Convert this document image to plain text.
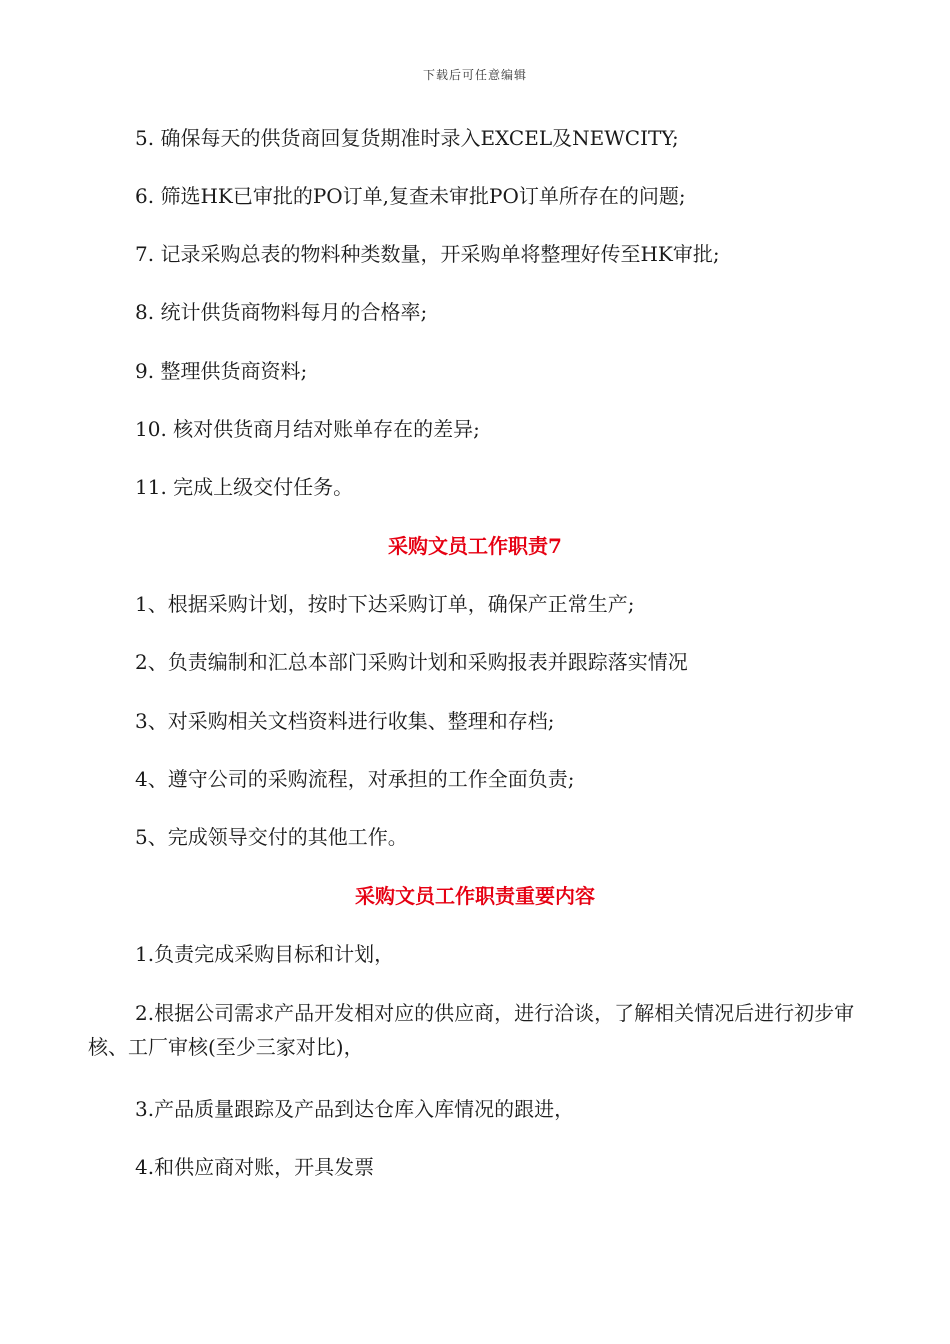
下载后可任意编辑
5. 确保每天的供货商回复货期准时录入EXCEL及NEWCITY;
6. 筛选HK已审批的PO订单,复查未审批PO订单所存在的问题;
7. 记录采购总表的物料种类数量，开采购单将整理好传至HK审批;
8. 统计供货商物料每月的合格率;
9. 整理供货商资料;
10. 核对供货商月结对账单存在的差异;
11. 完成上级交付任务。
采购文员工作职责7
1、根据采购计划，按时下达采购订单，确保产正常生产;
2、负责编制和汇总本部门采购计划和采购报表并跟踪落实情况
3、对采购相关文档资料进行收集、整理和存档;
4、遵守公司的采购流程，对承担的工作全面负责;
5、完成领导交付的其他工作。
采购文员工作职责重要内容
1.负责完成采购目标和计划，
2.根据公司需求产品开发相对应的供应商，进行洽谈，了解相关情况后进行初步审核、工厂审核(至少三家对比)，
3.产品质量跟踪及产品到达仓库入库情况的跟进，
4.和供应商对账，开具发票
